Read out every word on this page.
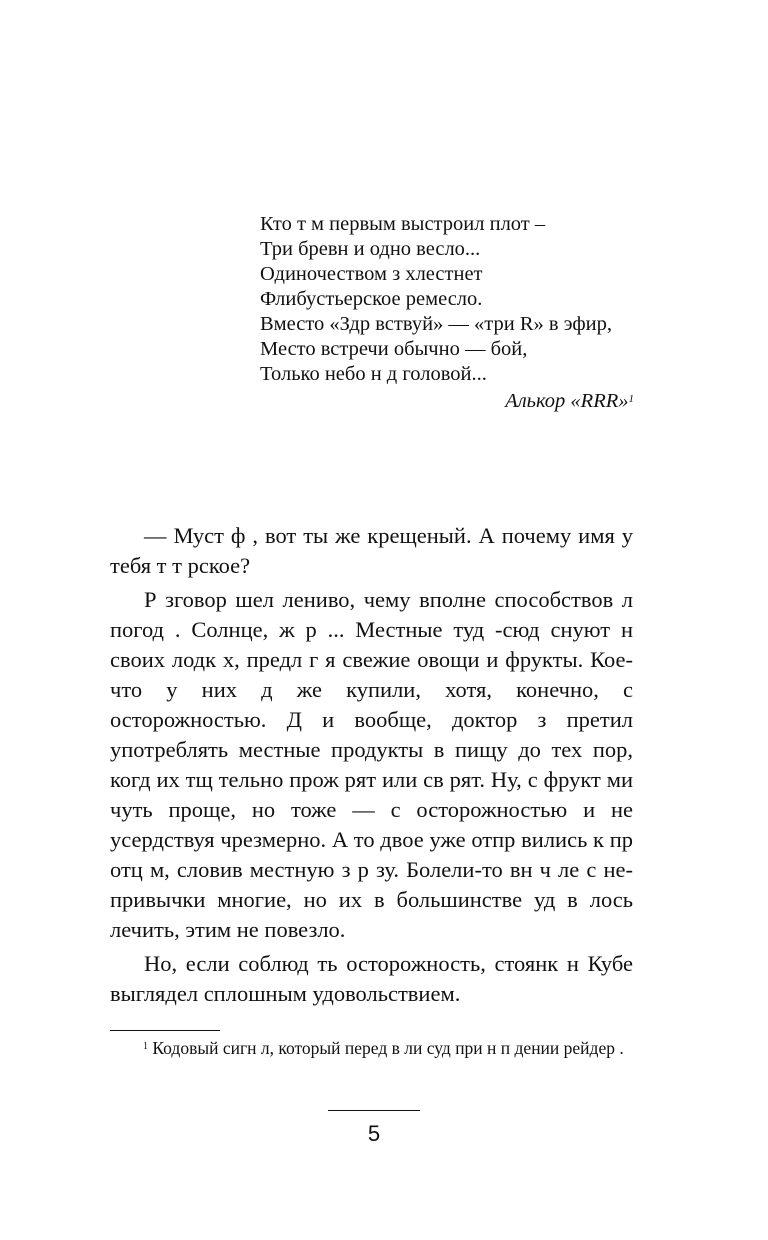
Кто т м первым выстроил плот –
Три бревн и одно весло...
Одиночеством з хлестнет
Флибустьерское ремесло.
Вместо «Здр вствуй» — «три R» в эфир,
Место встречи обычно — бой,
Только небо н д головой...
Алькор «RRR»$^1$

— Муст ф , вот ты же крещеный. А почему имя у тебя т т рское?

Р зговор шел лениво, чему вполне способствов л погод . Солнце, ж р ... Местные туд -сюд снуют н своих лодк х, предл г я свежие овощи и фрукты. Кое-что у них д же купили, хотя, конечно, с осторожностью. Д и вообще, доктор з претил употреблять местные продукты в пищу до тех пор, когд их тщ тельно прож рят или св рят. Ну, с фрукт ми чуть проще, но тоже — с осторожностью и не усердствуя чрезмерно. А то двое уже отпр вились к пр отц м, словив местную з р зу. Болели-то вн ч ле с непривычки многие, но их в большинстве уд в лось лечить, этим не повезло.

Но, если соблюд ть осторожность, стоянк н Кубе выглядел сплошным удовольствием.

$^1$ Кодовый сигн л, который перед в ли суд при н п дении рейдер .
5
